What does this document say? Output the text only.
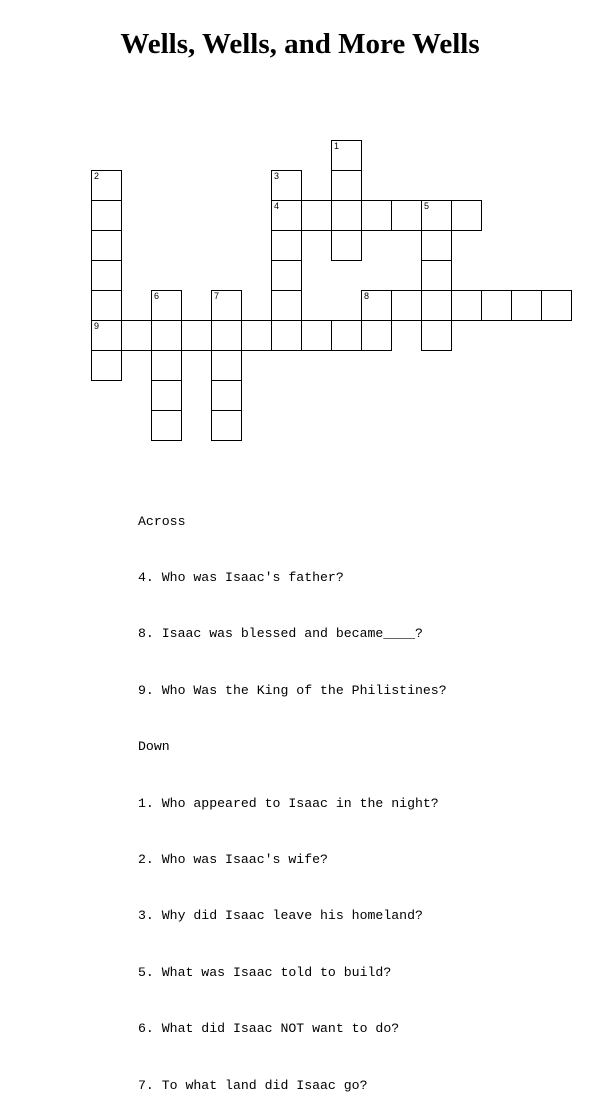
Wells, Wells, and More Wells
1
2
9
3
4	5
6	7	8

Across

4. Who was Isaac's father?

8. Isaac was blessed and became____?

9. Who Was the King of the Philistines?

Down

1. Who appeared to Isaac in the night?

2. Who was Isaac's wife?

3. Why did Isaac leave his homeland?

5. What was Isaac told to build?

6. What did Isaac NOT want to do?

7. To what land did Isaac go?
